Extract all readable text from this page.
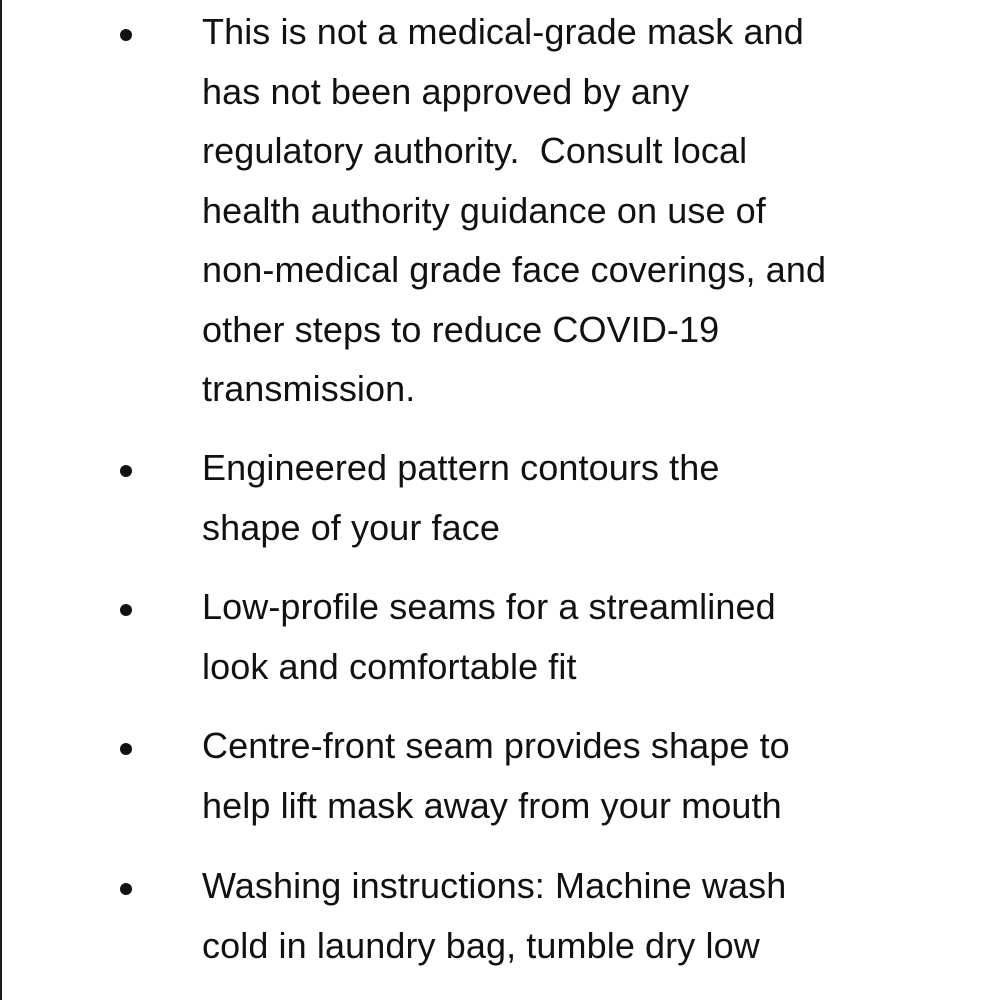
This is not a medical-grade mask and
has not been approved by any
regulatory authority.  Consult local
health authority guidance on use of
non-medical grade face coverings, and
other steps to reduce COVID-19
transmission.
Engineered pattern contours the
shape of your face
Low-profile seams for a streamlined
look and comfortable fit
Centre-front seam provides shape to
help lift mask away from your mouth
Washing instructions: Machine wash
cold in laundry bag, tumble dry low
